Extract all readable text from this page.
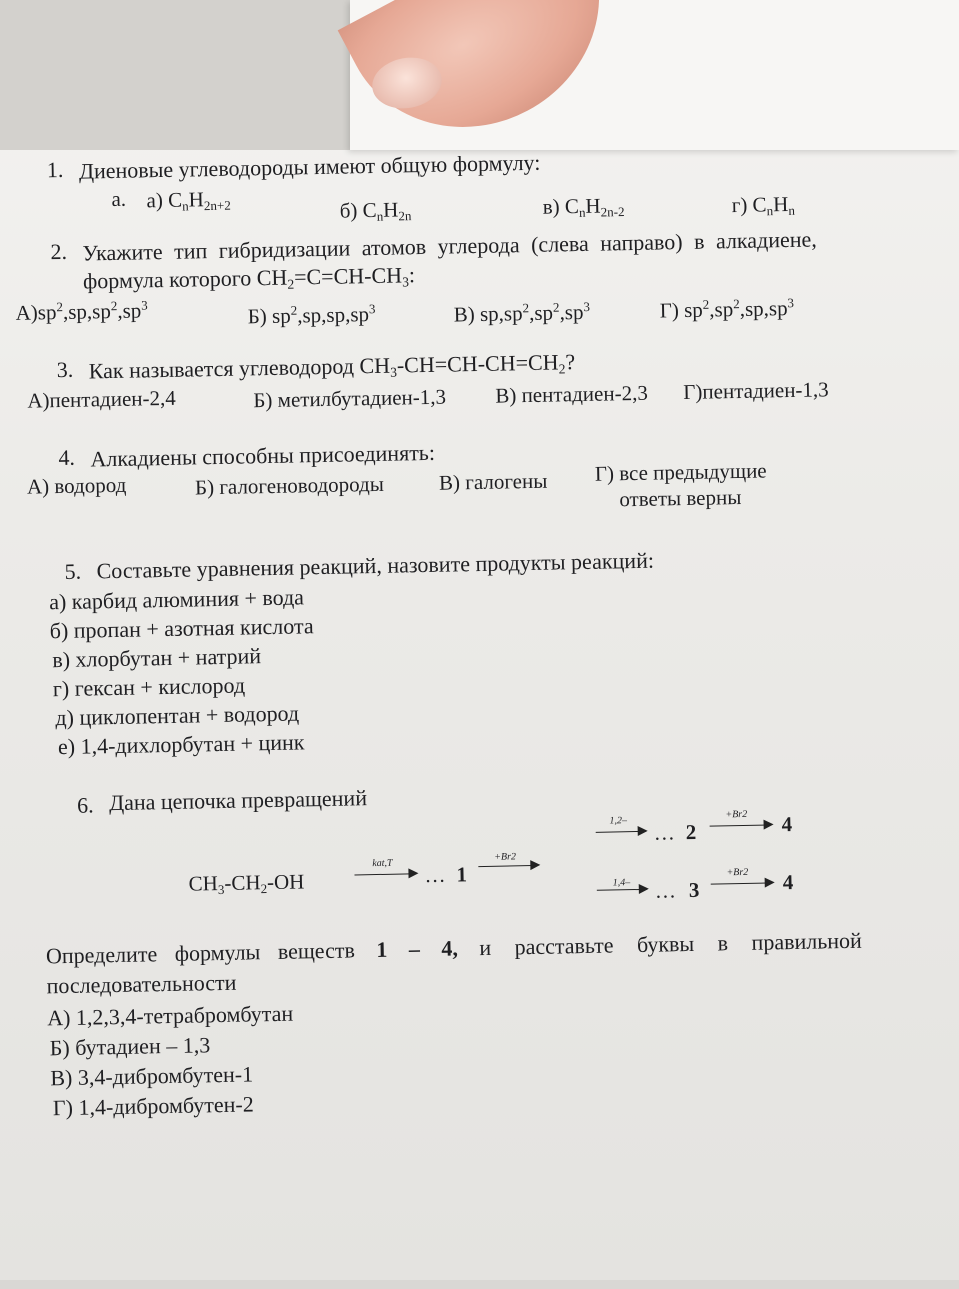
1. Диеновые углеводороды имеют общую формулу:
а. а) $C_nH_{2n+2}$	б) $C_nH_{2n}$	в) $C_nH_{2n-2}$	г) $C_nH_n$
2. Укажите тип гибридизации атомов углерода (слева направо) в алкадиене,
формула которого $CH_2=C=CH-CH_3$:
$А)sp^2,sp,sp^2,sp^3$	Б) $sp^2,sp,sp,sp^3$	В) $sp,sp^2,sp^2,sp^3$	Г) $sp^2,sp^2,sp,sp^3$
3. Как называется углеводород $CH_3-CH=CH-CH=CH_2$?
А)пентадиен-2,4	Б) метилбутадиен-1,3 В) пентадиен-2,3 Г)пентадиен-1,3
4. Алкадиены способны присоединять:
А) водород	Б) галогеноводороды	В) галогены Г) все предыдущие
ответы верны
5. Составьте уравнения реакций, назовите продукты реакций:
а) карбид алюминия + вода
б) пропан + азотная кислота
в) хлорбутан + натрий
г) гексан + кислород
д) циклопентан + водород
е) 1,4-дихлорбутан + цинк
6. Дана цепочка превращений
$CH_3-CH_2-OH$
kat,T … 1
+Br2
1,2– … 2
+Br2 4
1,4– … 3
+Br2 4
Определите формулы веществ 1 – 4, и расставьте буквы в правильной
последовательности
А) 1,2,3,4-тетрабромбутан
Б) бутадиен – 1,3
В) 3,4-дибромбутен-1
Г) 1,4-дибромбутен-2
